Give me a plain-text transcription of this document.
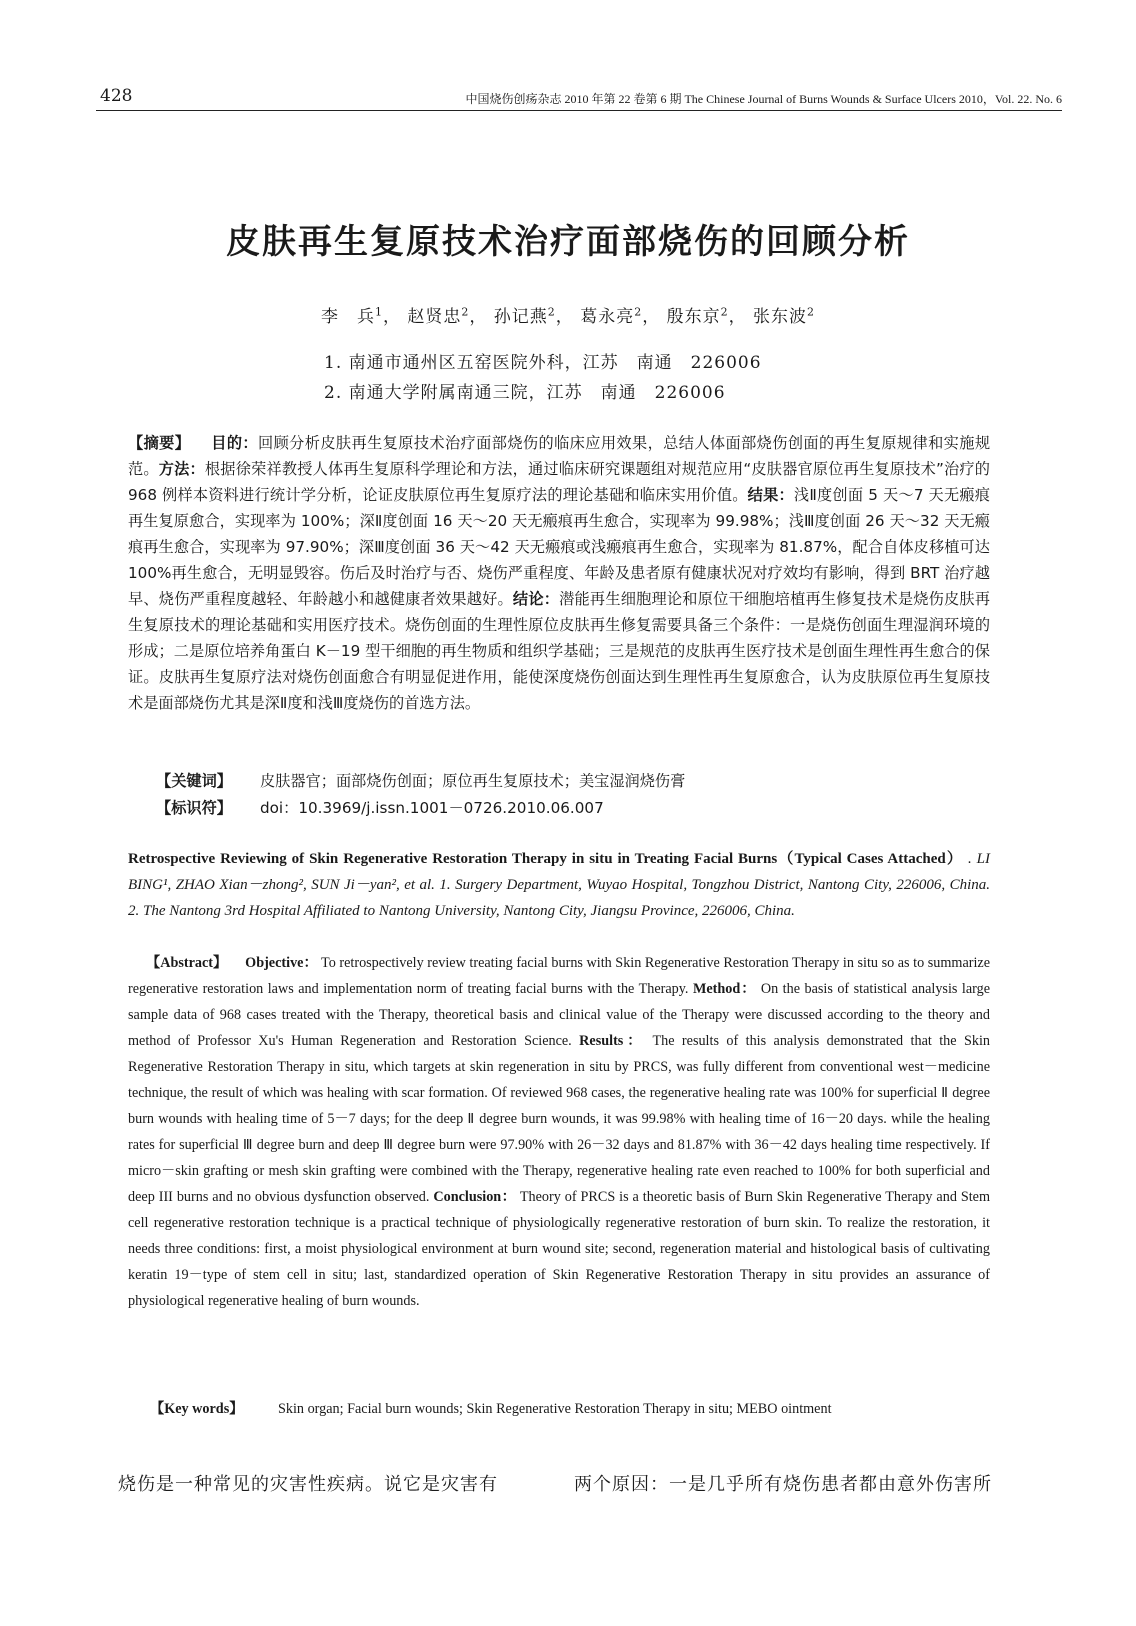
428	中国烧伤创疡杂志 2010 年第 22 卷第 6 期 The Chinese Journal of Burns Wounds & Surface Ulcers 2010，Vol. 22. No. 6
皮肤再生复原技术治疗面部烧伤的回顾分析
李　兵$^1$， 赵贤忠$^2$， 孙记燕$^2$， 葛永亮$^2$， 殷东京$^2$， 张东波$^2$
1. 南通市通州区五窑医院外科，江苏　南通　226006
2. 南通大学附属南通三院，江苏　南通　226006

【摘要】 目的：回顾分析皮肤再生复原技术治疗面部烧伤的临床应用效果，总结人体面部烧伤创面的再生复原规律和实施规范。方法：根据徐荣祥教授人体再生复原科学理论和方法，通过临床研究课题组对规范应用“皮肤器官原位再生复原技术”治疗的 968 例样本资料进行统计学分析，论证皮肤原位再生复原疗法的理论基础和临床实用价值。结果：浅Ⅱ度创面 5 天～7 天无瘢痕再生复原愈合，实现率为 100%；深Ⅱ度创面 16 天～20 天无瘢痕再生愈合，实现率为 99.98%；浅Ⅲ度创面 26 天～32 天无瘢痕再生愈合，实现率为 97.90%；深Ⅲ度创面 36 天～42 天无瘢痕或浅瘢痕再生愈合，实现率为 81.87%，配合自体皮移植可达 100%再生愈合，无明显毁容。伤后及时治疗与否、烧伤严重程度、年龄及患者原有健康状况对疗效均有影响，得到 BRT 治疗越早、烧伤严重程度越轻、年龄越小和越健康者效果越好。结论：潜能再生细胞理论和原位干细胞培植再生修复技术是烧伤皮肤再生复原技术的理论基础和实用医疗技术。烧伤创面的生理性原位皮肤再生修复需要具备三个条件：一是烧伤创面生理湿润环境的形成；二是原位培养角蛋白 K－19 型干细胞的再生物质和组织学基础；三是规范的皮肤再生医疗技术是创面生理性再生愈合的保证。皮肤再生复原疗法对烧伤创面愈合有明显促进作用，能使深度烧伤创面达到生理性再生复原愈合，认为皮肤原位再生复原技术是面部烧伤尤其是深Ⅱ度和浅Ⅲ度烧伤的首选方法。

【关键词】 皮肤器官；面部烧伤创面；原位再生复原技术；美宝湿润烧伤膏
【标识符】 doi：10.3969/j.issn.1001－0726.2010.06.007

Retrospective Reviewing of Skin Regenerative Restoration Therapy in situ in Treating Facial Burns（Typical Cases Attached） . LI BING¹, ZHAO Xian－zhong², SUN Ji－yan², et al. 1. Surgery Department, Wuyao Hospital, Tongzhou District, Nantong City, 226006, China. 2. The Nantong 3rd Hospital Affiliated to Nantong University, Nantong City, Jiangsu Province, 226006, China.

【Abstract】 Objective： To retrospectively review treating facial burns with Skin Regenerative Restoration Therapy in situ so as to summarize regenerative restoration laws and implementation norm of treating facial burns with the Therapy. Method： On the basis of statistical analysis large sample data of 968 cases treated with the Therapy, theoretical basis and clinical value of the Therapy were discussed according to the theory and method of Professor Xu's Human Regeneration and Restoration Science. Results： The results of this analysis demonstrated that the Skin Regenerative Restoration Therapy in situ, which targets at skin regeneration in situ by PRCS, was fully different from conventional west－medicine technique, the result of which was healing with scar formation. Of reviewed 968 cases, the regenerative healing rate was 100% for superficial Ⅱ degree burn wounds with healing time of 5－7 days; for the deep Ⅱ degree burn wounds, it was 99.98% with healing time of 16－20 days. while the healing rates for superficial Ⅲ degree burn and deep Ⅲ degree burn were 97.90% with 26－32 days and 81.87% with 36－42 days healing time respectively. If micro－skin grafting or mesh skin grafting were combined with the Therapy, regenerative healing rate even reached to 100% for both superficial and deep III burns and no obvious dysfunction observed. Conclusion： Theory of PRCS is a theoretic basis of Burn Skin Regenerative Therapy and Stem cell regenerative restoration technique is a practical technique of physiologically regenerative restoration of burn skin. To realize the restoration, it needs three conditions: first, a moist physiological environment at burn wound site; second, regeneration material and histological basis of cultivating keratin 19－type of stem cell in situ; last, standardized operation of Skin Regenerative Restoration Therapy in situ provides an assurance of physiological regenerative healing of burn wounds.

【Key words】 Skin organ; Facial burn wounds; Skin Regenerative Restoration Therapy in situ; MEBO ointment
烧伤是一种常见的灾害性疾病。说它是灾害有	两个原因：一是几乎所有烧伤患者都由意外伤害所
